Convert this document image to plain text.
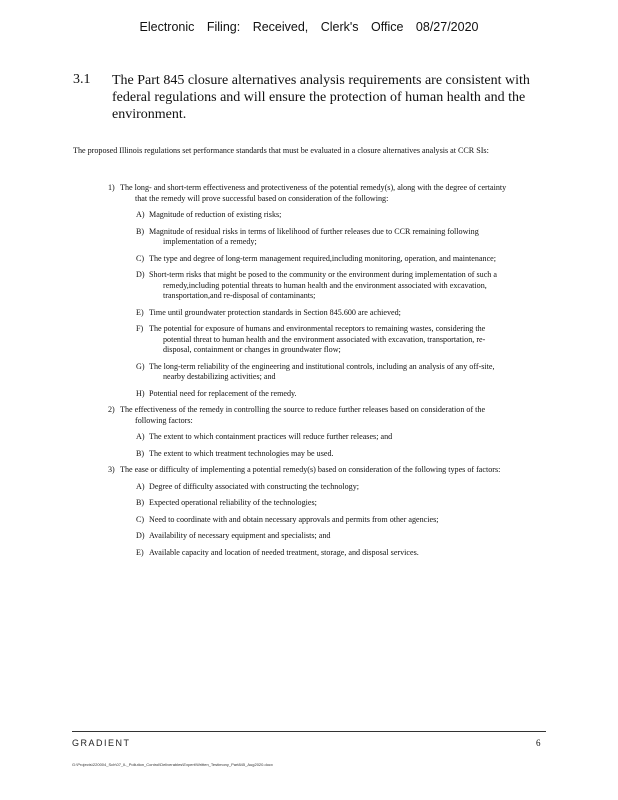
Electronic Filing: Received, Clerk's Office 08/27/2020
3.1 The Part 845 closure alternatives analysis requirements are consistent with federal regulations and will ensure the protection of human health and the environment.
The proposed Illinois regulations set performance standards that must be evaluated in a closure alternatives analysis at CCR SIs:
1) The long- and short-term effectiveness and protectiveness of the potential remedy(s), along with the degree of certainty that the remedy will prove successful based on consideration of the following:
A) Magnitude of reduction of existing risks;
B) Magnitude of residual risks in terms of likelihood of further releases due to CCR remaining following implementation of a remedy;
C) The type and degree of long-term management required,including monitoring, operation, and maintenance;
D) Short-term risks that might be posed to the community or the environment during implementation of such a remedy,including potential threats to human health and the environment associated with excavation, transportation,and re-disposal of contaminants;
E) Time until groundwater protection standards in Section 845.600 are achieved;
F) The potential for exposure of humans and environmental receptors to remaining wastes, considering the potential threat to human health and the environment associated with excavation, transportation, re-disposal, containment or changes in groundwater flow;
G) The long-term reliability of the engineering and institutional controls, including an analysis of any off-site, nearby destabilizing activities; and
H) Potential need for replacement of the remedy.
2) The effectiveness of the remedy in controlling the source to reduce further releases based on consideration of the following factors:
A) The extent to which containment practices will reduce further releases; and
B) The extent to which treatment technologies may be used.
3) The ease or difficulty of implementing a potential remedy(s) based on consideration of the following types of factors:
A) Degree of difficulty associated with constructing the technology;
B) Expected operational reliability of the technologies;
C) Need to coordinate with and obtain necessary approvals and permits from other agencies;
D) Availability of necessary equipment and specialists; and
E) Available capacity and location of needed treatment, storage, and disposal services.
GRADIENT	6
G:\Projects\220004_Sch\07_IL_Pollution_Control\Deliverables\Expert\Written_Testimony_Part845_Aug2020.docx
